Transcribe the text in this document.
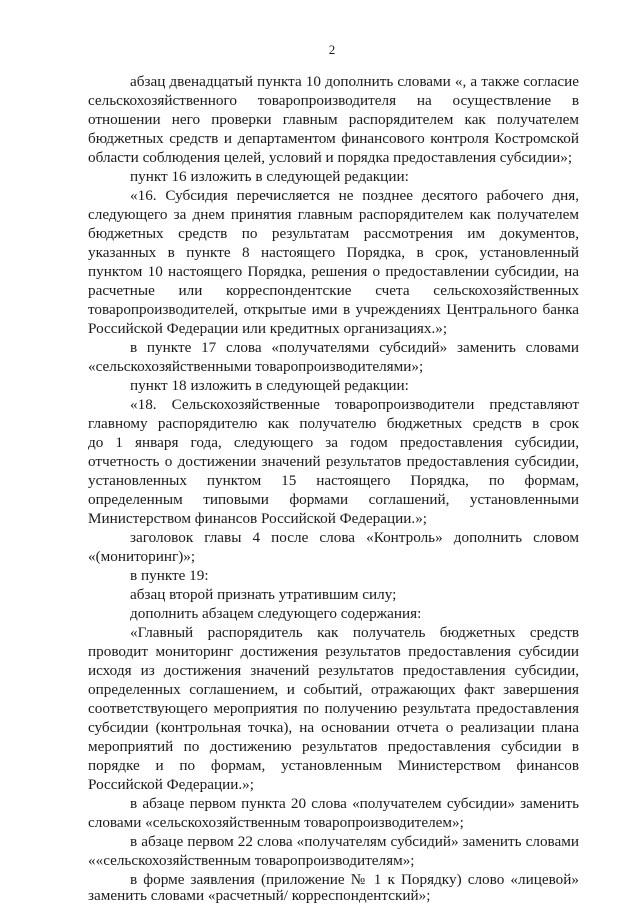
2
абзац двенадцатый пункта 10 дополнить словами «, а также согласие
сельскохозяйственного товаропроизводителя на осуществление в
отношении него проверки главным распорядителем как получателем
бюджетных средств и департаментом финансового контроля Костромской
области соблюдения целей, условий и порядка предоставления субсидии»;
пункт 16 изложить в следующей редакции:
«16. Субсидия перечисляется не позднее десятого рабочего дня,
следующего за днем принятия главным распорядителем как получателем
бюджетных средств по результатам рассмотрения им документов,
указанных в пункте 8 настоящего Порядка, в срок, установленный
пунктом 10 настоящего Порядка, решения о предоставлении субсидии, на
расчетные или корреспондентские счета сельскохозяйственных
товаропроизводителей, открытые ими в учреждениях Центрального банка
Российской Федерации или кредитных организациях.»;
в пункте 17 слова «получателями субсидий» заменить словами
«сельскохозяйственными товаропроизводителями»;
пункт 18 изложить в следующей редакции:
«18. Сельскохозяйственные товаропроизводители представляют
главному распорядителю как получателю бюджетных средств в срок
до 1 января года, следующего за годом предоставления субсидии,
отчетность о достижении значений результатов предоставления субсидии,
установленных пунктом 15 настоящего Порядка, по формам,
определенным типовыми формами соглашений, установленными
Министерством финансов Российской Федерации.»;
заголовок главы 4 после слова «Контроль» дополнить словом
«(мониторинг)»;
в пункте 19:
абзац второй признать утратившим силу;
дополнить абзацем следующего содержания:
«Главный распорядитель как получатель бюджетных средств
проводит мониторинг достижения результатов предоставления субсидии
исходя из достижения значений результатов предоставления субсидии,
определенных соглашением, и событий, отражающих факт завершения
соответствующего мероприятия по получению результата предоставления
субсидии (контрольная точка), на основании отчета о реализации плана
мероприятий по достижению результатов предоставления субсидии в
порядке и по формам, установленным Министерством финансов
Российской Федерации.»;
в абзаце первом пункта 20 слова «получателем субсидии» заменить
словами «сельскохозяйственным товаропроизводителем»;
в абзаце первом 22 слова «получателям субсидий» заменить словами
««сельскохозяйственным товаропроизводителям»;
в форме заявления (приложение № 1 к Порядку) слово «лицевой»
заменить словами «расчетный/ корреспондентский»;
